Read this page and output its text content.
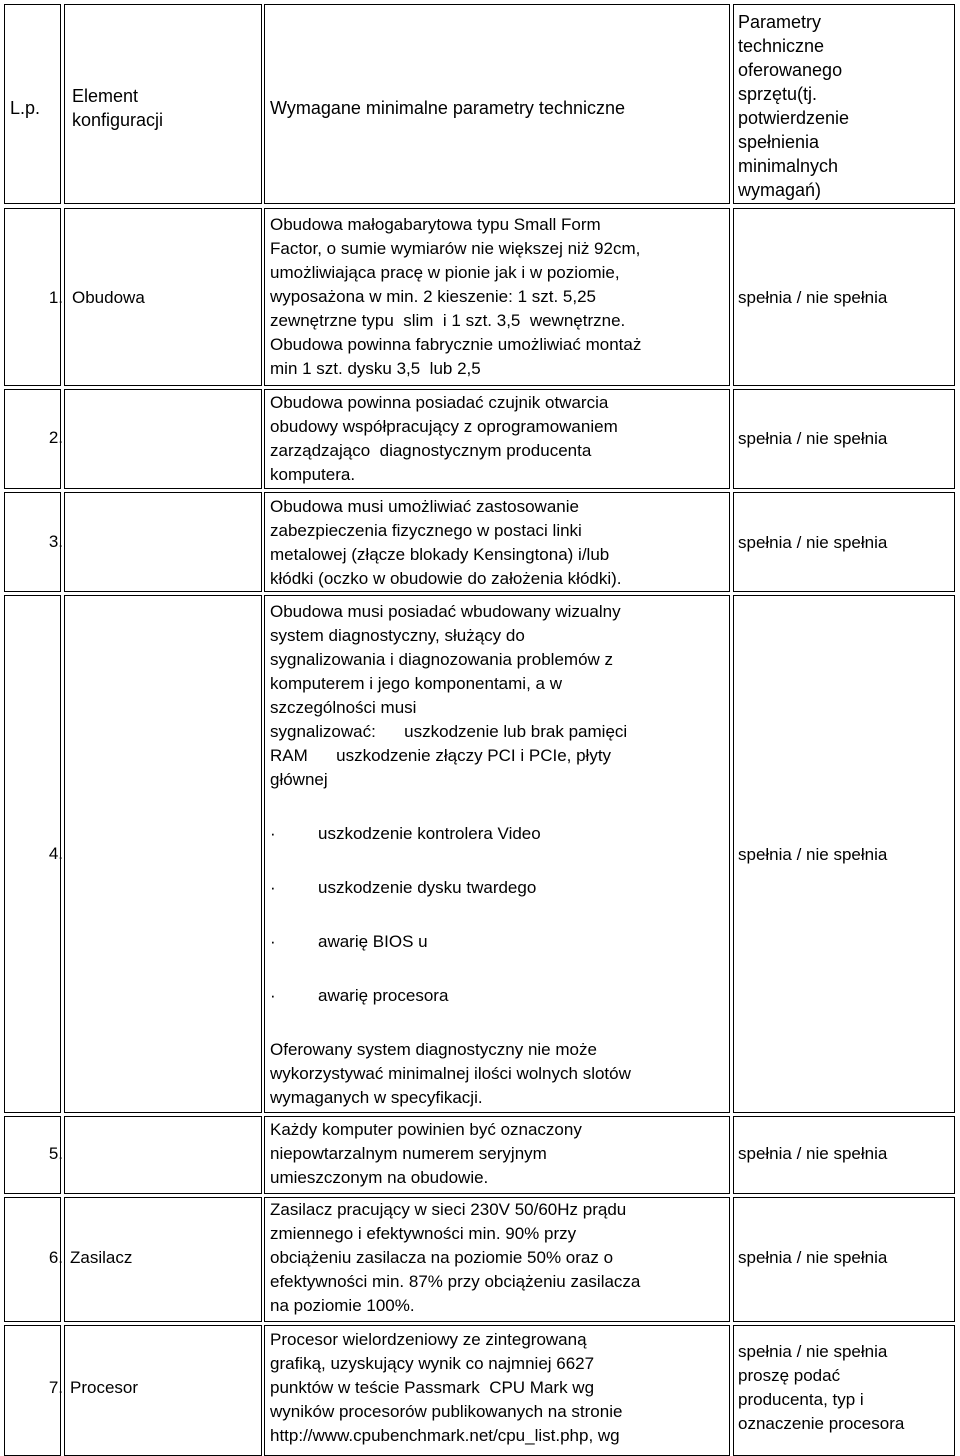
L.p.
Element
konfiguracji
Wymagane minimalne parametry techniczne
Parametry
techniczne
oferowanego
sprzętu(tj.
potwierdzenie
spełnienia
minimalnych
wymagań)
1. Obudowa
Obudowa małogabarytowa typu Small Form
Factor, o sumie wymiarów nie większej niż 92cm,
umożliwiająca pracę w pionie jak i w poziomie,
wyposażona w min. 2 kieszenie: 1 szt. 5,25
zewnętrzne typu  slim  i 1 szt. 3,5  wewnętrzne.
Obudowa powinna fabrycznie umożliwiać montaż
min 1 szt. dysku 3,5  lub 2,5
spełnia / nie spełnia
2.
Obudowa powinna posiadać czujnik otwarcia
obudowy współpracujący z oprogramowaniem
zarządzająco  diagnostycznym producenta
komputera.
spełnia / nie spełnia
3.
Obudowa musi umożliwiać zastosowanie
zabezpieczenia fizycznego w postaci linki
metalowej (złącze blokady Kensingtona) i/lub
kłódki (oczko w obudowie do założenia kłódki).
spełnia / nie spełnia
4.
Obudowa musi posiadać wbudowany wizualny
system diagnostyczny, służący do
sygnalizowania i diagnozowania problemów z
komputerem i jego komponentami, a w
szczególności musi
sygnalizować:      uszkodzenie lub brak pamięci
RAM      uszkodzenie złączy PCI i PCIe, płyty
głównej
· uszkodzenie kontrolera Video
· uszkodzenie dysku twardego
· awarię BIOS u
· awarię procesora
spełnia / nie spełnia
Oferowany system diagnostyczny nie może
wykorzystywać minimalnej ilości wolnych slotów
wymaganych w specyfikacji.
5.
Każdy komputer powinien być oznaczony
niepowtarzalnym numerem seryjnym
umieszczonym na obudowie.
spełnia / nie spełnia
6. Zasilacz
Zasilacz pracujący w sieci 230V 50/60Hz prądu
zmiennego i efektywności min. 90% przy
obciążeniu zasilacza na poziomie 50% oraz o
efektywności min. 87% przy obciążeniu zasilacza
na poziomie 100%.
spełnia / nie spełnia
7. Procesor
Procesor wielordzeniowy ze zintegrowaną
grafiką, uzyskujący wynik co najmniej 6627
punktów w teście Passmark  CPU Mark wg
wyników procesorów publikowanych na stronie
http://www.cpubenchmark.net/cpu_list.php, wg
spełnia / nie spełnia
proszę podać
producenta, typ i
oznaczenie procesora
